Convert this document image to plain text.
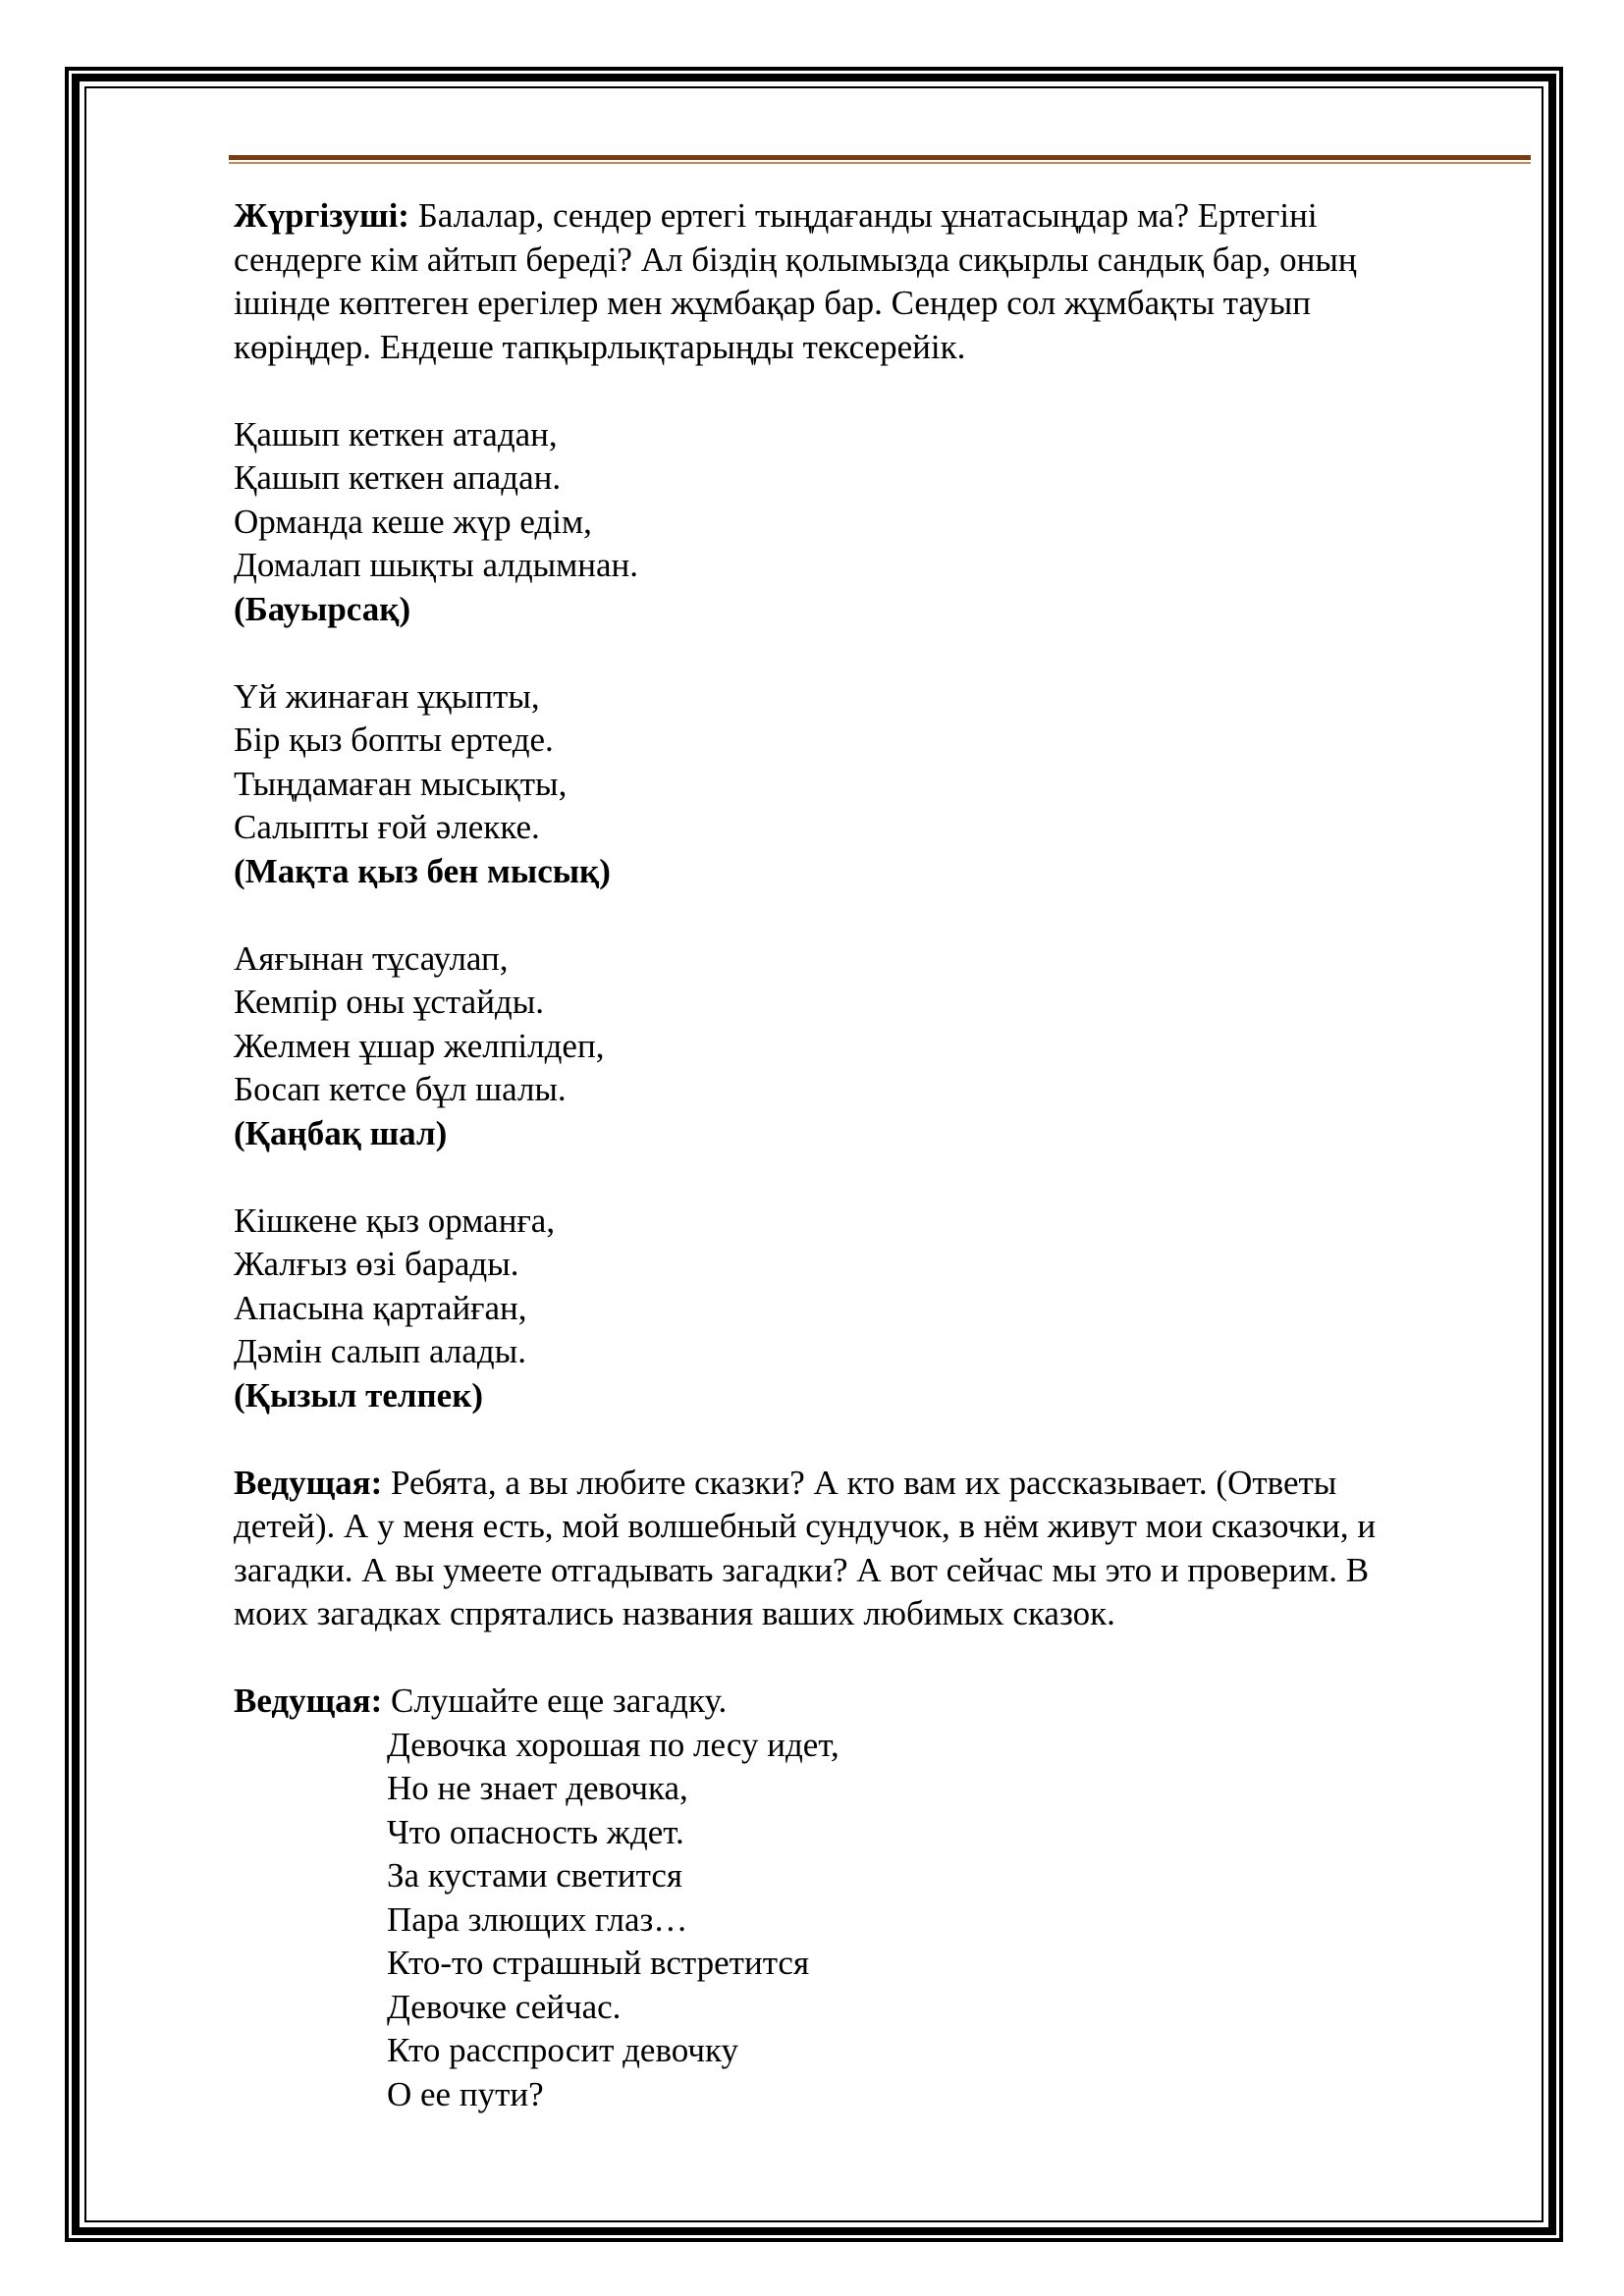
Жүргізуші: Балалар, сендер ертегі тыңдағанды ұнатасыңдар ма? Ертегіні

сендерге кім айтып береді? Ал біздің қолымызда сиқырлы сандық бар, оның

ішінде көптеген ерегілер мен жұмбақар бар. Сендер сол жұмбақты тауып

көріңдер. Ендеше тапқырлықтарыңды тексерейік.

Қашып кеткен атадан,

Қашып кеткен ападан.

Орманда кеше жүр едім,

Домалап шықты алдымнан.

(Бауырсақ)

Үй жинаған ұқыпты,

Бір қыз бопты ертеде.

Тыңдамаған мысықты,

Салыпты ғой әлекке.

(Мақта қыз бен мысық)

Аяғынан тұсаулап,

Кемпір оны ұстайды.

Желмен ұшар желпілдеп,

Босап кетсе бұл шалы.

(Қаңбақ шал)

Кішкене қыз орманға,

Жалғыз өзі барады.

Апасына қартайған,

Дәмін салып алады.

(Қызыл телпек)

Ведущая: Ребята, а вы любите сказки? А кто вам их рассказывает. (Ответы

детей). А у меня есть, мой волшебный сундучок, в нём живут мои сказочки, и

загадки. А вы умеете отгадывать загадки? А вот сейчас мы это и проверим. В

моих загадках спрятались названия ваших любимых сказок.

Ведущая: Слушайте еще загадку.

Девочка хорошая по лесу идет,

Но не знает девочка,

Что опасность ждет.

За кустами светится

Пара злющих глаз…

Кто-то страшный встретится

Девочке сейчас.

Кто расспросит девочку

О ее пути?
